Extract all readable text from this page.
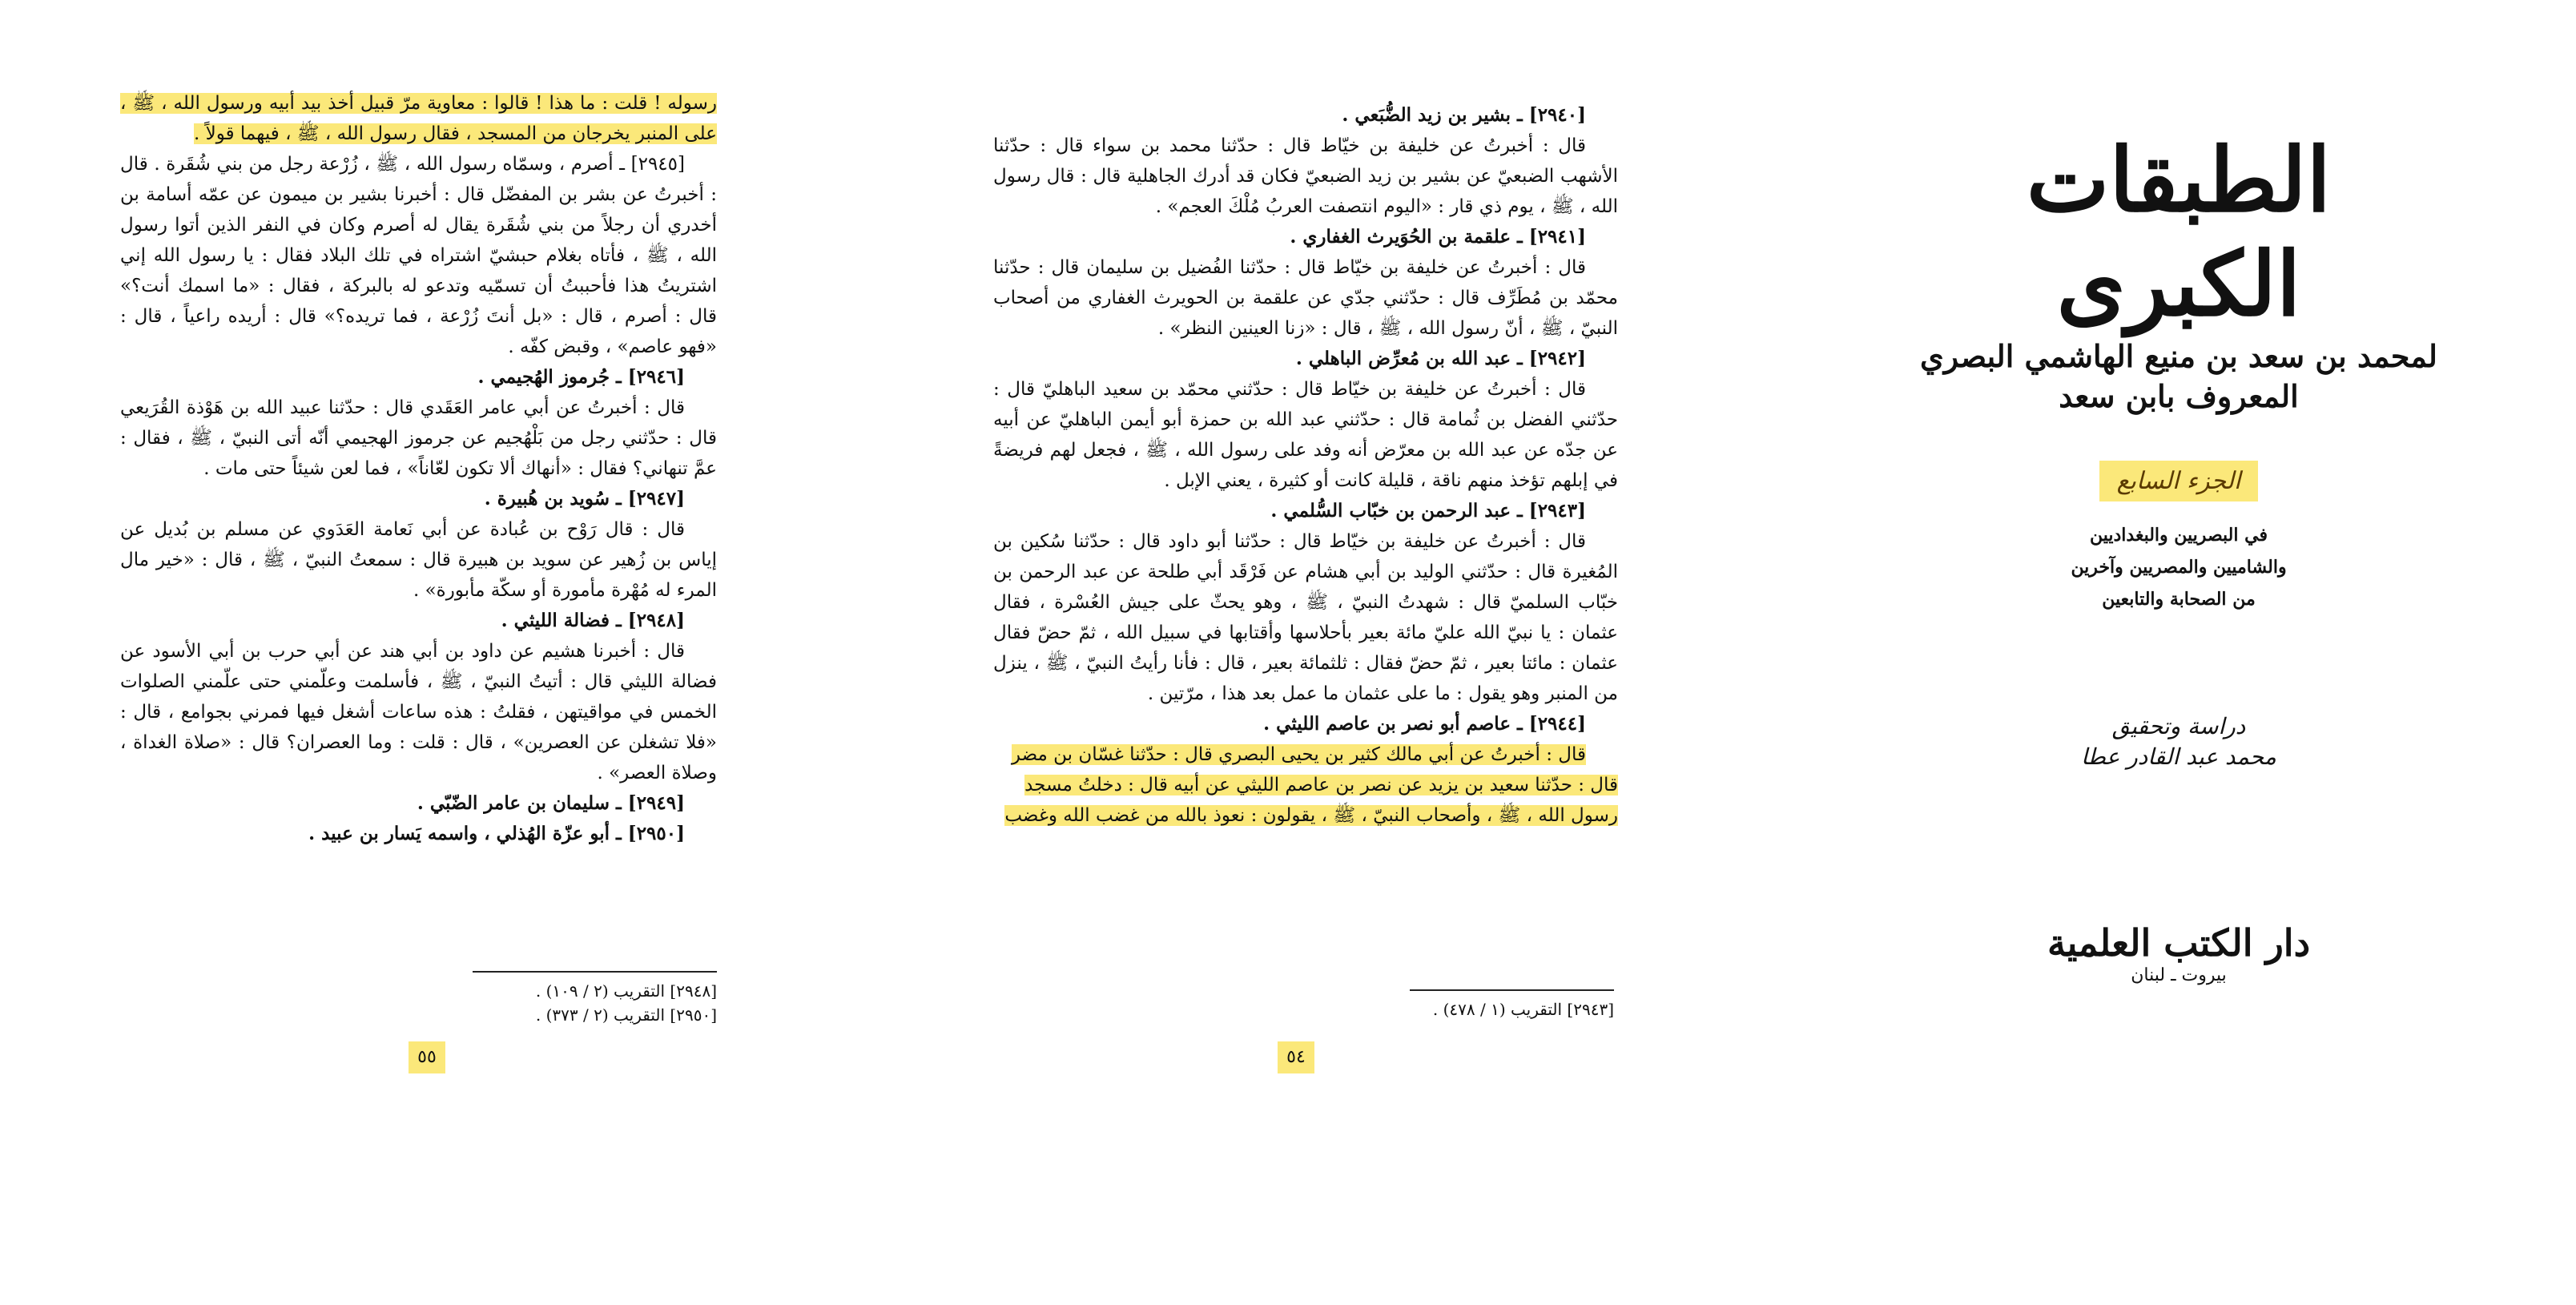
رسوله ! قلت : ما هذا ! قالوا : معاوية مرّ قبيل أخذ بيد أبيه ورسول الله ، ﷺ ، على المنبر يخرجان من المسجد ، فقال رسول الله ، ﷺ ، فيهما قولاً .

[٢٩٤٥] ـ أصرم ، وسمّاه رسول الله ، ﷺ ، زُرْعة رجل من بني شُقَرة . قال : أخبرتُ عن بشر بن المفضّل قال : أخبرنا بشير بن ميمون عن عمّه أسامة بن أخدري أن رجلاً من بني شُقَرة يقال له أصرم وكان في النفر الذين أتوا رسول الله ، ﷺ ، فأتاه بغلام حبشيّ اشتراه في تلك البلاد فقال : يا رسول الله إني اشتريتُ هذا فأحببتُ أن تسمّيه وتدعو له بالبركة ، فقال : «ما اسمك أنت؟» قال : أصرم ، قال : «بل أنتَ زُرْعة ، فما تريده؟» قال : أريده راعياً ، قال : «فهو عاصم» ، وقبض كفّه .

[٢٩٤٦] ـ جُرموز الهُجيمي .

قال : أخبرتُ عن أبي عامر العَقَدي قال : حدّثنا عبيد الله بن هَوْذة القُرَيعي قال : حدّثني رجل من بَلْهُجيم عن جرموز الهجيمي أنّه أتى النبيّ ، ﷺ ، فقال : عمَّ تنهاني؟ فقال : «أنهاك ألا تكون لعّاناً» ، فما لعن شيئاً حتى مات .

[٢٩٤٧] ـ سُويد بن هُبيرة .

قال : قال رَوْح بن عُبادة عن أبي نَعامة العَدَوي عن مسلم بن بُديل عن إياس بن زُهير عن سويد بن هبيرة قال : سمعتُ النبيّ ، ﷺ ، قال : «خير مال المرء له مُهْرة مأمورة أو سكّة مأبورة» .

[٢٩٤٨] ـ فضالة الليثي .

قال : أخبرنا هشيم عن داود بن أبي هند عن أبي حرب بن أبي الأسود عن فضالة الليثي قال : أتيتُ النبيّ ، ﷺ ، فأسلمت وعلّمني حتى علّمني الصلوات الخمس في مواقيتهن ، فقلتُ : هذه ساعات أشغل فيها فمرني بجوامع ، قال : «فلا تشغلن عن العصرين» ، قال : قلت : وما العصران؟ قال : «صلاة الغداة ، وصلاة العصر» .

[٢٩٤٩] ـ سليمان بن عامر الضّبّي .

[٢٩٥٠] ـ أبو عزّة الهُذلي ، واسمه يَسار بن عبيد .

[٢٩٤٨] التقريب (٢ / ١٠٩) .
[٢٩٥٠] التقريب (٢ / ٣٧٣) .
٥٥

[٢٩٤٠] ـ بشير بن زيد الضُّبَعي .

قال : أخبرتُ عن خليفة بن خيّاط قال : حدّثنا محمد بن سواء قال : حدّثنا الأشهب الضبعيّ عن بشير بن زيد الضبعيّ فكان قد أدرك الجاهلية قال : قال رسول الله ، ﷺ ، يوم ذي قار : «اليوم انتصفت العربُ مُلْكَ العجم» .

[٢٩٤١] ـ علقمة بن الحُوَيرث الغفاري .

قال : أخبرتُ عن خليفة بن خيّاط قال : حدّثنا الفُضيل بن سليمان قال : حدّثنا محمّد بن مُطَرِّف قال : حدّثني جدّي عن علقمة بن الحويرث الغفاري من أصحاب النبيّ ، ﷺ ، أنّ رسول الله ، ﷺ ، قال : «زنا العينين النظر» .

[٢٩٤٢] ـ عبد الله بن مُعرِّض الباهلي .

قال : أخبرتُ عن خليفة بن خيّاط قال : حدّثني محمّد بن سعيد الباهليّ قال : حدّثني الفضل بن ثُمامة قال : حدّثني عبد الله بن حمزة أبو أيمن الباهليّ عن أبيه عن جدّه عن عبد الله بن معرّض أنه وفد على رسول الله ، ﷺ ، فجعل لهم فريضةً في إبلهم تؤخذ منهم ناقة ، قليلة كانت أو كثيرة ، يعني الإبل .

[٢٩٤٣] ـ عبد الرحمن بن خبّاب السُّلمي .

قال : أخبرتُ عن خليفة بن خيّاط قال : حدّثنا أبو داود قال : حدّثنا سُكين بن المُغيرة قال : حدّثني الوليد بن أبي هشام عن فَرْقَد أبي طلحة عن عبد الرحمن بن خبّاب السلميّ قال : شهدتُ النبيّ ، ﷺ ، وهو يحثّ على جيش العُسْرة ، فقال عثمان : يا نبيّ الله عليّ مائة بعير بأحلاسها وأقتابها في سبيل الله ، ثمّ حضّ فقال عثمان : مائتا بعير ، ثمّ حضّ فقال : ثلثمائة بعير ، قال : فأنا رأيتُ النبيّ ، ﷺ ، ينزل من المنبر وهو يقول : ما على عثمان ما عمل بعد هذا ، مرّتين .

[٢٩٤٤] ـ عاصم أبو نصر بن عاصم الليثي .

قال : أخبرتُ عن أبي مالك كثير بن يحيى البصري قال : حدّثنا غسّان بن مضر

قال : حدّثنا سعيد بن يزيد عن نصر بن عاصم الليثي عن أبيه قال : دخلتُ مسجد

رسول الله ، ﷺ ، وأصحاب النبيّ ، ﷺ ، يقولون : نعوذ بالله من غضب الله وغضب

[٢٩٤٣] التقريب (١ / ٤٧٨) .
٥٤
الطبقات الكبرى
لمحمد بن سعد بن منيع الهاشمي البصري
المعروف بابن سعد
الجزء السابع
في البصريين والبغداديين
والشاميين والمصريين وآخرين
من الصحابة والتابعين
دراسة وتحقيق
محمد عبد القادر عطا
دار الكتب العلمية
بيروت ـ لبنان
